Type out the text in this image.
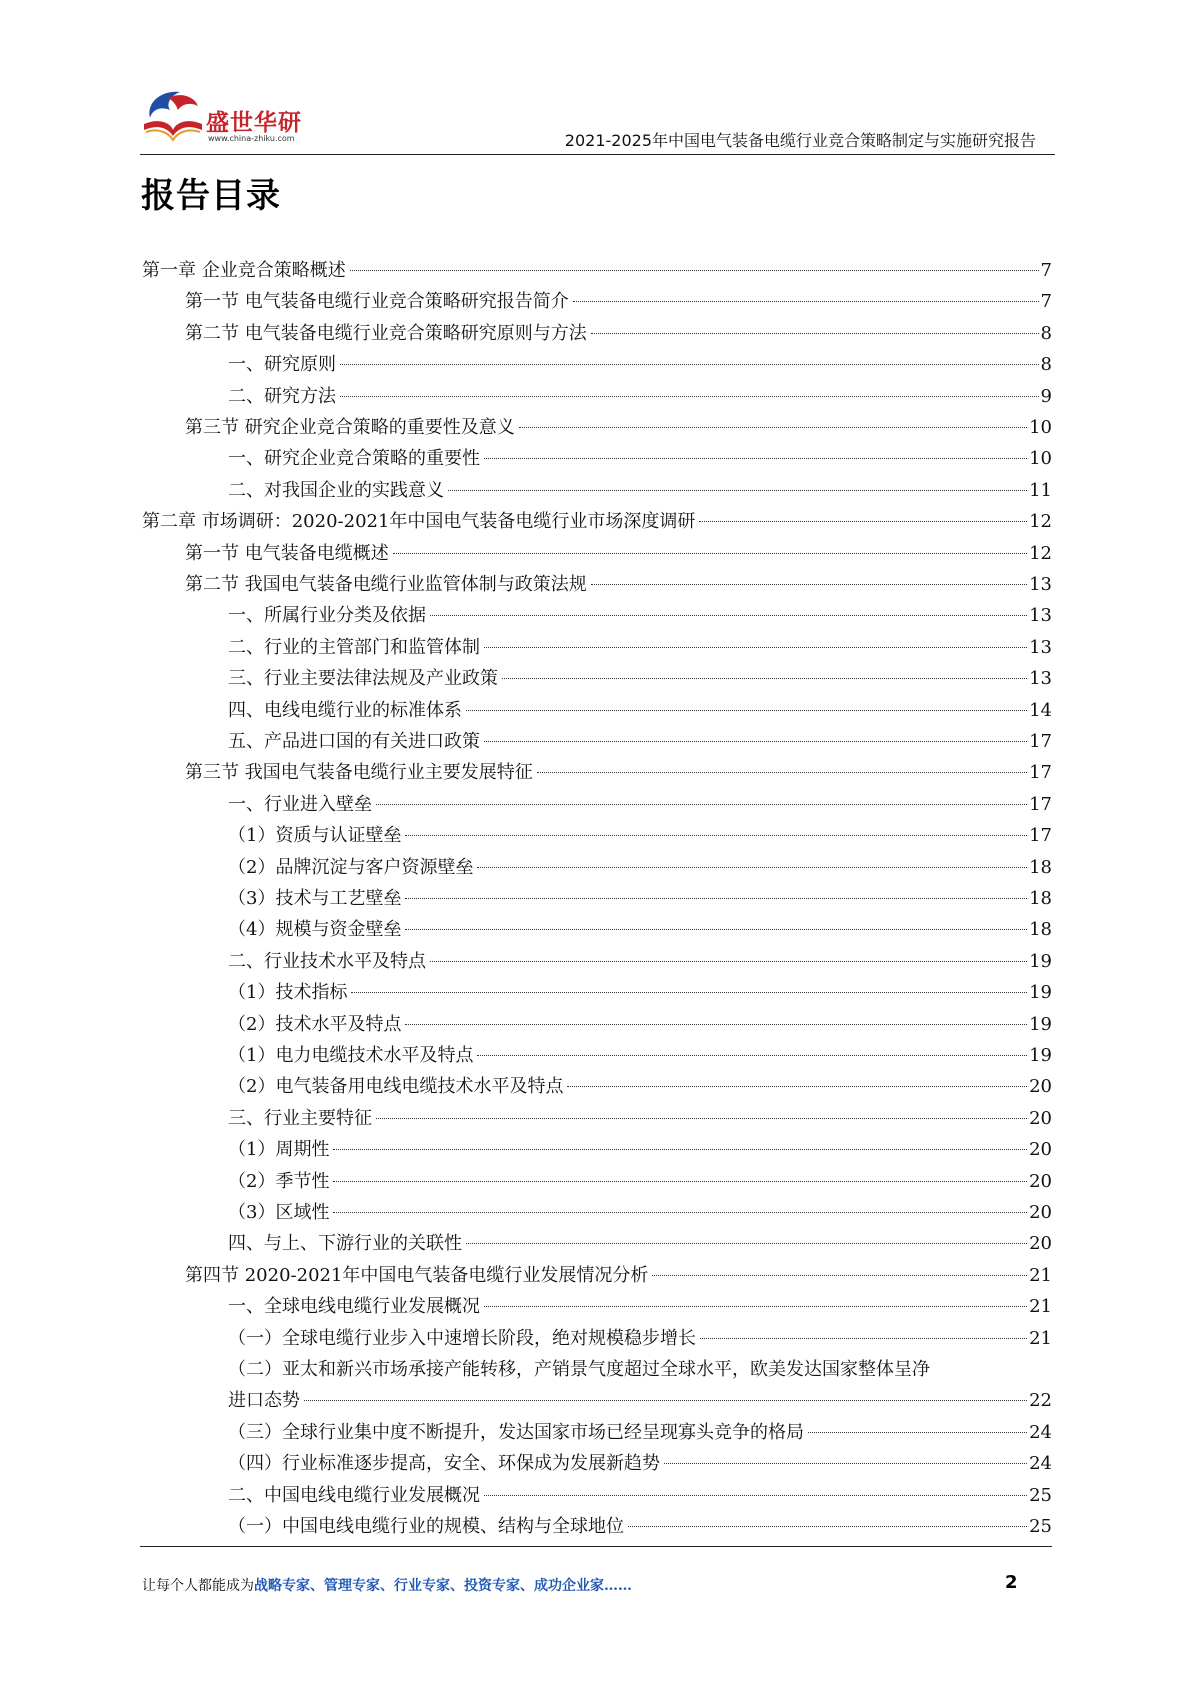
盛世华研
www.china-zhiku.com	2021-2025年中国电气装备电缆行业竞合策略制定与实施研究报告
报告目录
第一章 企业竞合策略概述	7
第一节 电气装备电缆行业竞合策略研究报告简介	7
第二节 电气装备电缆行业竞合策略研究原则与方法	8
一、研究原则	8
二、研究方法	9
第三节 研究企业竞合策略的重要性及意义	10
一、研究企业竞合策略的重要性	10
二、对我国企业的实践意义	11
第二章 市场调研：2020-2021年中国电气装备电缆行业市场深度调研	12
第一节 电气装备电缆概述	12
第二节 我国电气装备电缆行业监管体制与政策法规	13
一、所属行业分类及依据	13
二、行业的主管部门和监管体制	13
三、行业主要法律法规及产业政策	13
四、电线电缆行业的标准体系	14
五、产品进口国的有关进口政策	17
第三节 我国电气装备电缆行业主要发展特征	17
一、行业进入壁垒	17
（1）资质与认证壁垒	17
（2）品牌沉淀与客户资源壁垒	18
（3）技术与工艺壁垒	18
（4）规模与资金壁垒	18
二、行业技术水平及特点	19
（1）技术指标	19
（2）技术水平及特点	19
（1）电力电缆技术水平及特点	19
（2）电气装备用电线电缆技术水平及特点	20
三、行业主要特征	20
（1）周期性	20
（2）季节性	20
（3）区域性	20
四、与上、下游行业的关联性	20
第四节 2020-2021年中国电气装备电缆行业发展情况分析	21
一、全球电线电缆行业发展概况	21
（一）全球电缆行业步入中速增长阶段，绝对规模稳步增长	21
（二）亚太和新兴市场承接产能转移，产销景气度超过全球水平，欧美发达国家整体呈净
进口态势	22
（三）全球行业集中度不断提升，发达国家市场已经呈现寡头竞争的格局	24
（四）行业标准逐步提高，安全、环保成为发展新趋势	24
二、中国电线电缆行业发展概况	25
（一）中国电线电缆行业的规模、结构与全球地位	25
让每个人都能成为战略专家、管理专家、行业专家、投资专家、成功企业家……	2
